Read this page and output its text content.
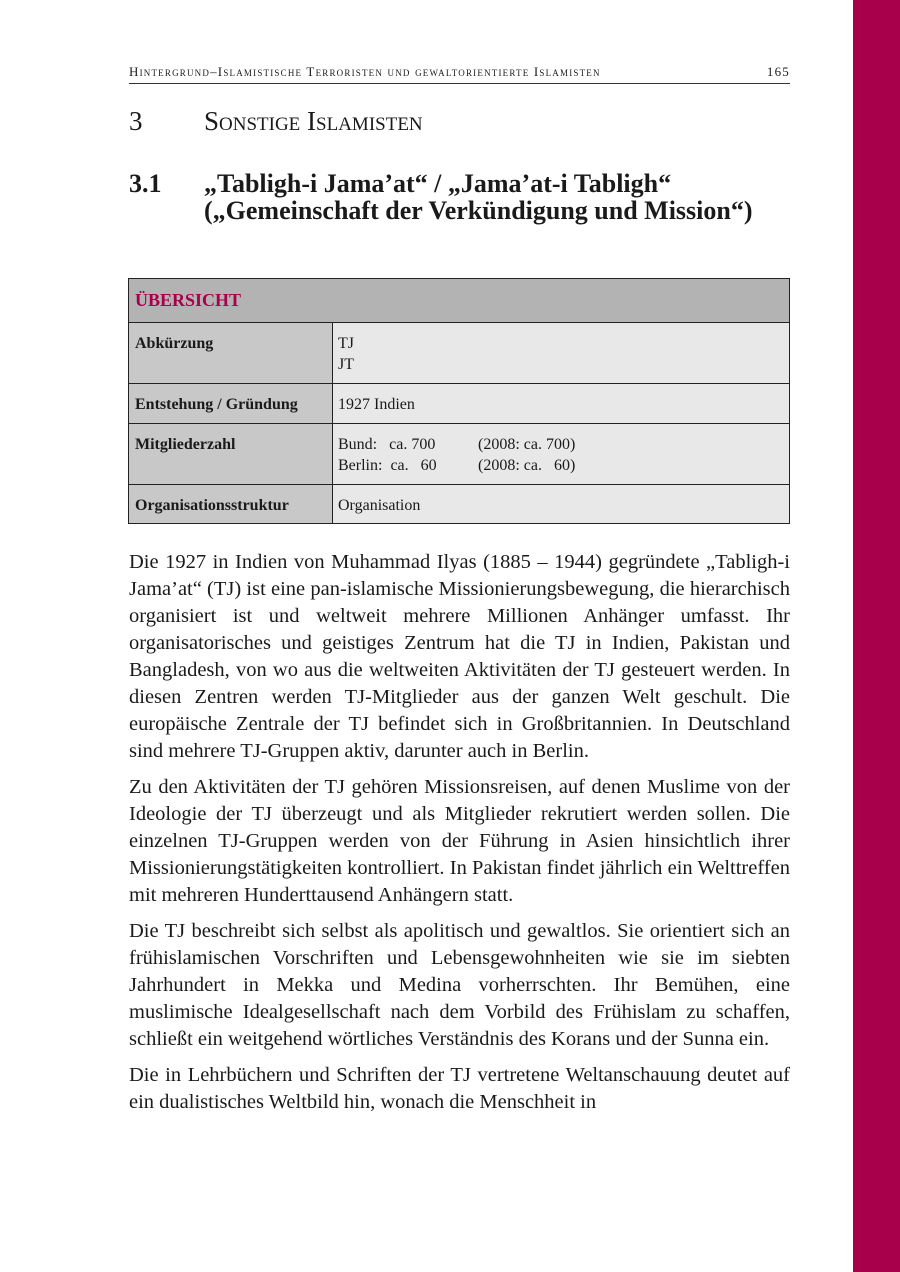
Hintergrund–Islamistische Terroristen und gewaltorientierte Islamisten	165
3 Sonstige Islamisten
3.1 „Tabligh-i Jama’at“ / „Jama’at-i Tabligh“ („Gemeinschaft der Verkündigung und Mission“)
ÜBERSICHT	
Abkürzung	TJ
JT

Entstehung / Gründung	1927 Indien

Mitgliederzahl	Bund:   ca. 700 (2008: ca. 700)
Berlin:  ca.   60 (2008: ca.   60)

Organisationsstruktur	Organisation

Die 1927 in Indien von Muhammad Ilyas (1885 – 1944) gegründete „Tabligh-i Jama’at“ (TJ) ist eine pan-islamische Missionierungsbewegung, die hierarchisch organisiert ist und weltweit mehrere Millionen Anhänger umfasst. Ihr organisatorisches und geistiges Zentrum hat die TJ in Indien, Pakistan und Bangladesh, von wo aus die weltweiten Aktivitäten der TJ gesteuert werden. In diesen Zentren werden TJ-Mitglieder aus der ganzen Welt geschult. Die europäische Zentrale der TJ befindet sich in Großbritannien. In Deutschland sind mehrere TJ-Gruppen aktiv, darunter auch in Berlin.

Zu den Aktivitäten der TJ gehören Missionsreisen, auf denen Muslime von der Ideologie der TJ überzeugt und als Mitglieder rekrutiert werden sollen. Die einzelnen TJ-Gruppen werden von der Führung in Asien hinsichtlich ihrer Missionierungstätigkeiten kontrolliert. In Pakistan findet jährlich ein Welttreffen mit mehreren Hunderttausend Anhängern statt.

Die TJ beschreibt sich selbst als apolitisch und gewaltlos. Sie orientiert sich an frühislamischen Vorschriften und Lebensgewohnheiten wie sie im siebten Jahrhundert in Mekka und Medina vorherrschten. Ihr Bemühen, eine muslimische Idealgesellschaft nach dem Vorbild des Frühislam zu schaffen, schließt ein weitgehend wörtliches Verständnis des Korans und der Sunna ein.

Die in Lehrbüchern und Schriften der TJ vertretene Weltanschauung deutet auf ein dualistisches Weltbild hin, wonach die Menschheit in
